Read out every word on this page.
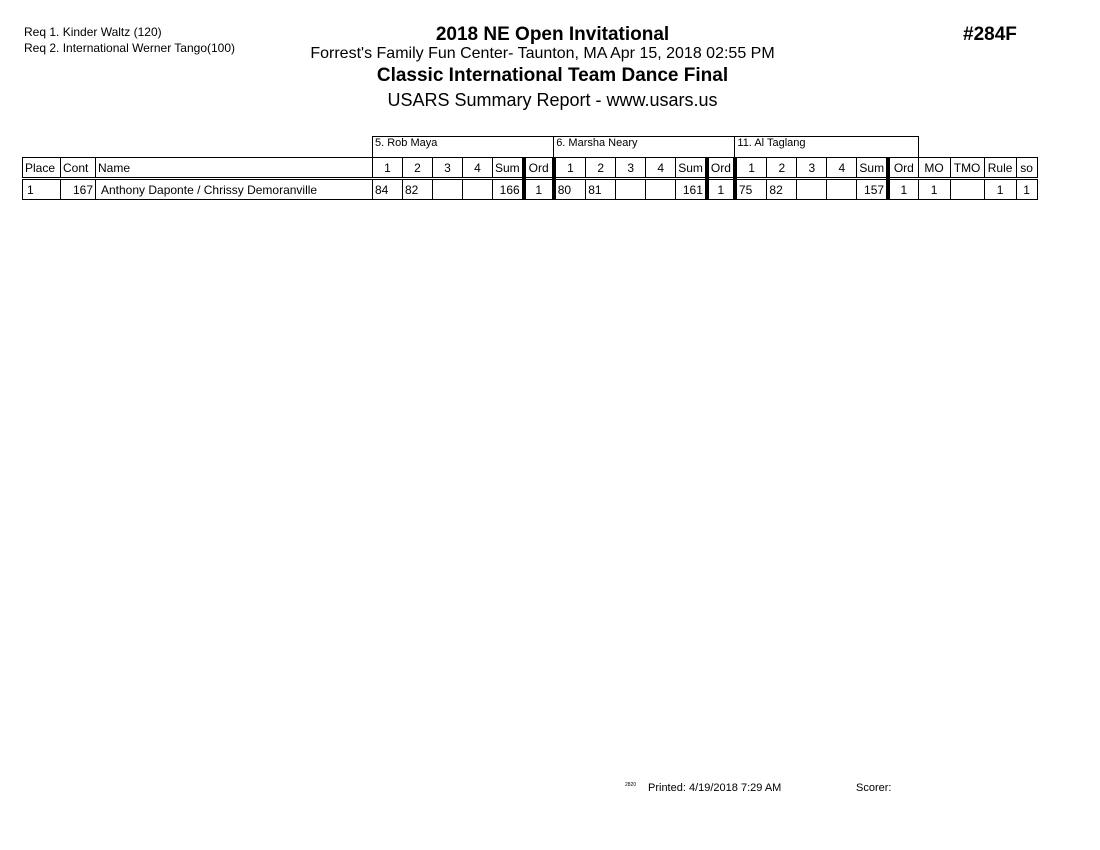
Req 1. Kinder Waltz (120)
Req 2. International Werner Tango(100)
2018 NE Open Invitational
Forrest's Family Fun Center- Taunton, MA Apr 15, 2018 02:55 PM
Classic International Team Dance Final
USARS Summary Report - www.usars.us
#284F
			5. Rob Maya						6. Marsha Neary						11. Al Taglang									
Place	Cont	Name	1	2	3	4	Sum	Ord	1	2	3	4	Sum	Ord	1	2	3	4	Sum	Ord	MO	TMO	Rule	so
1	167	Anthony Daponte / Chrissy Demoranville	84	82			166	1	80	81			161	1	75	82			157	1	1		1	1
2820 Printed: 4/19/2018 7:29 AM	Scorer:
